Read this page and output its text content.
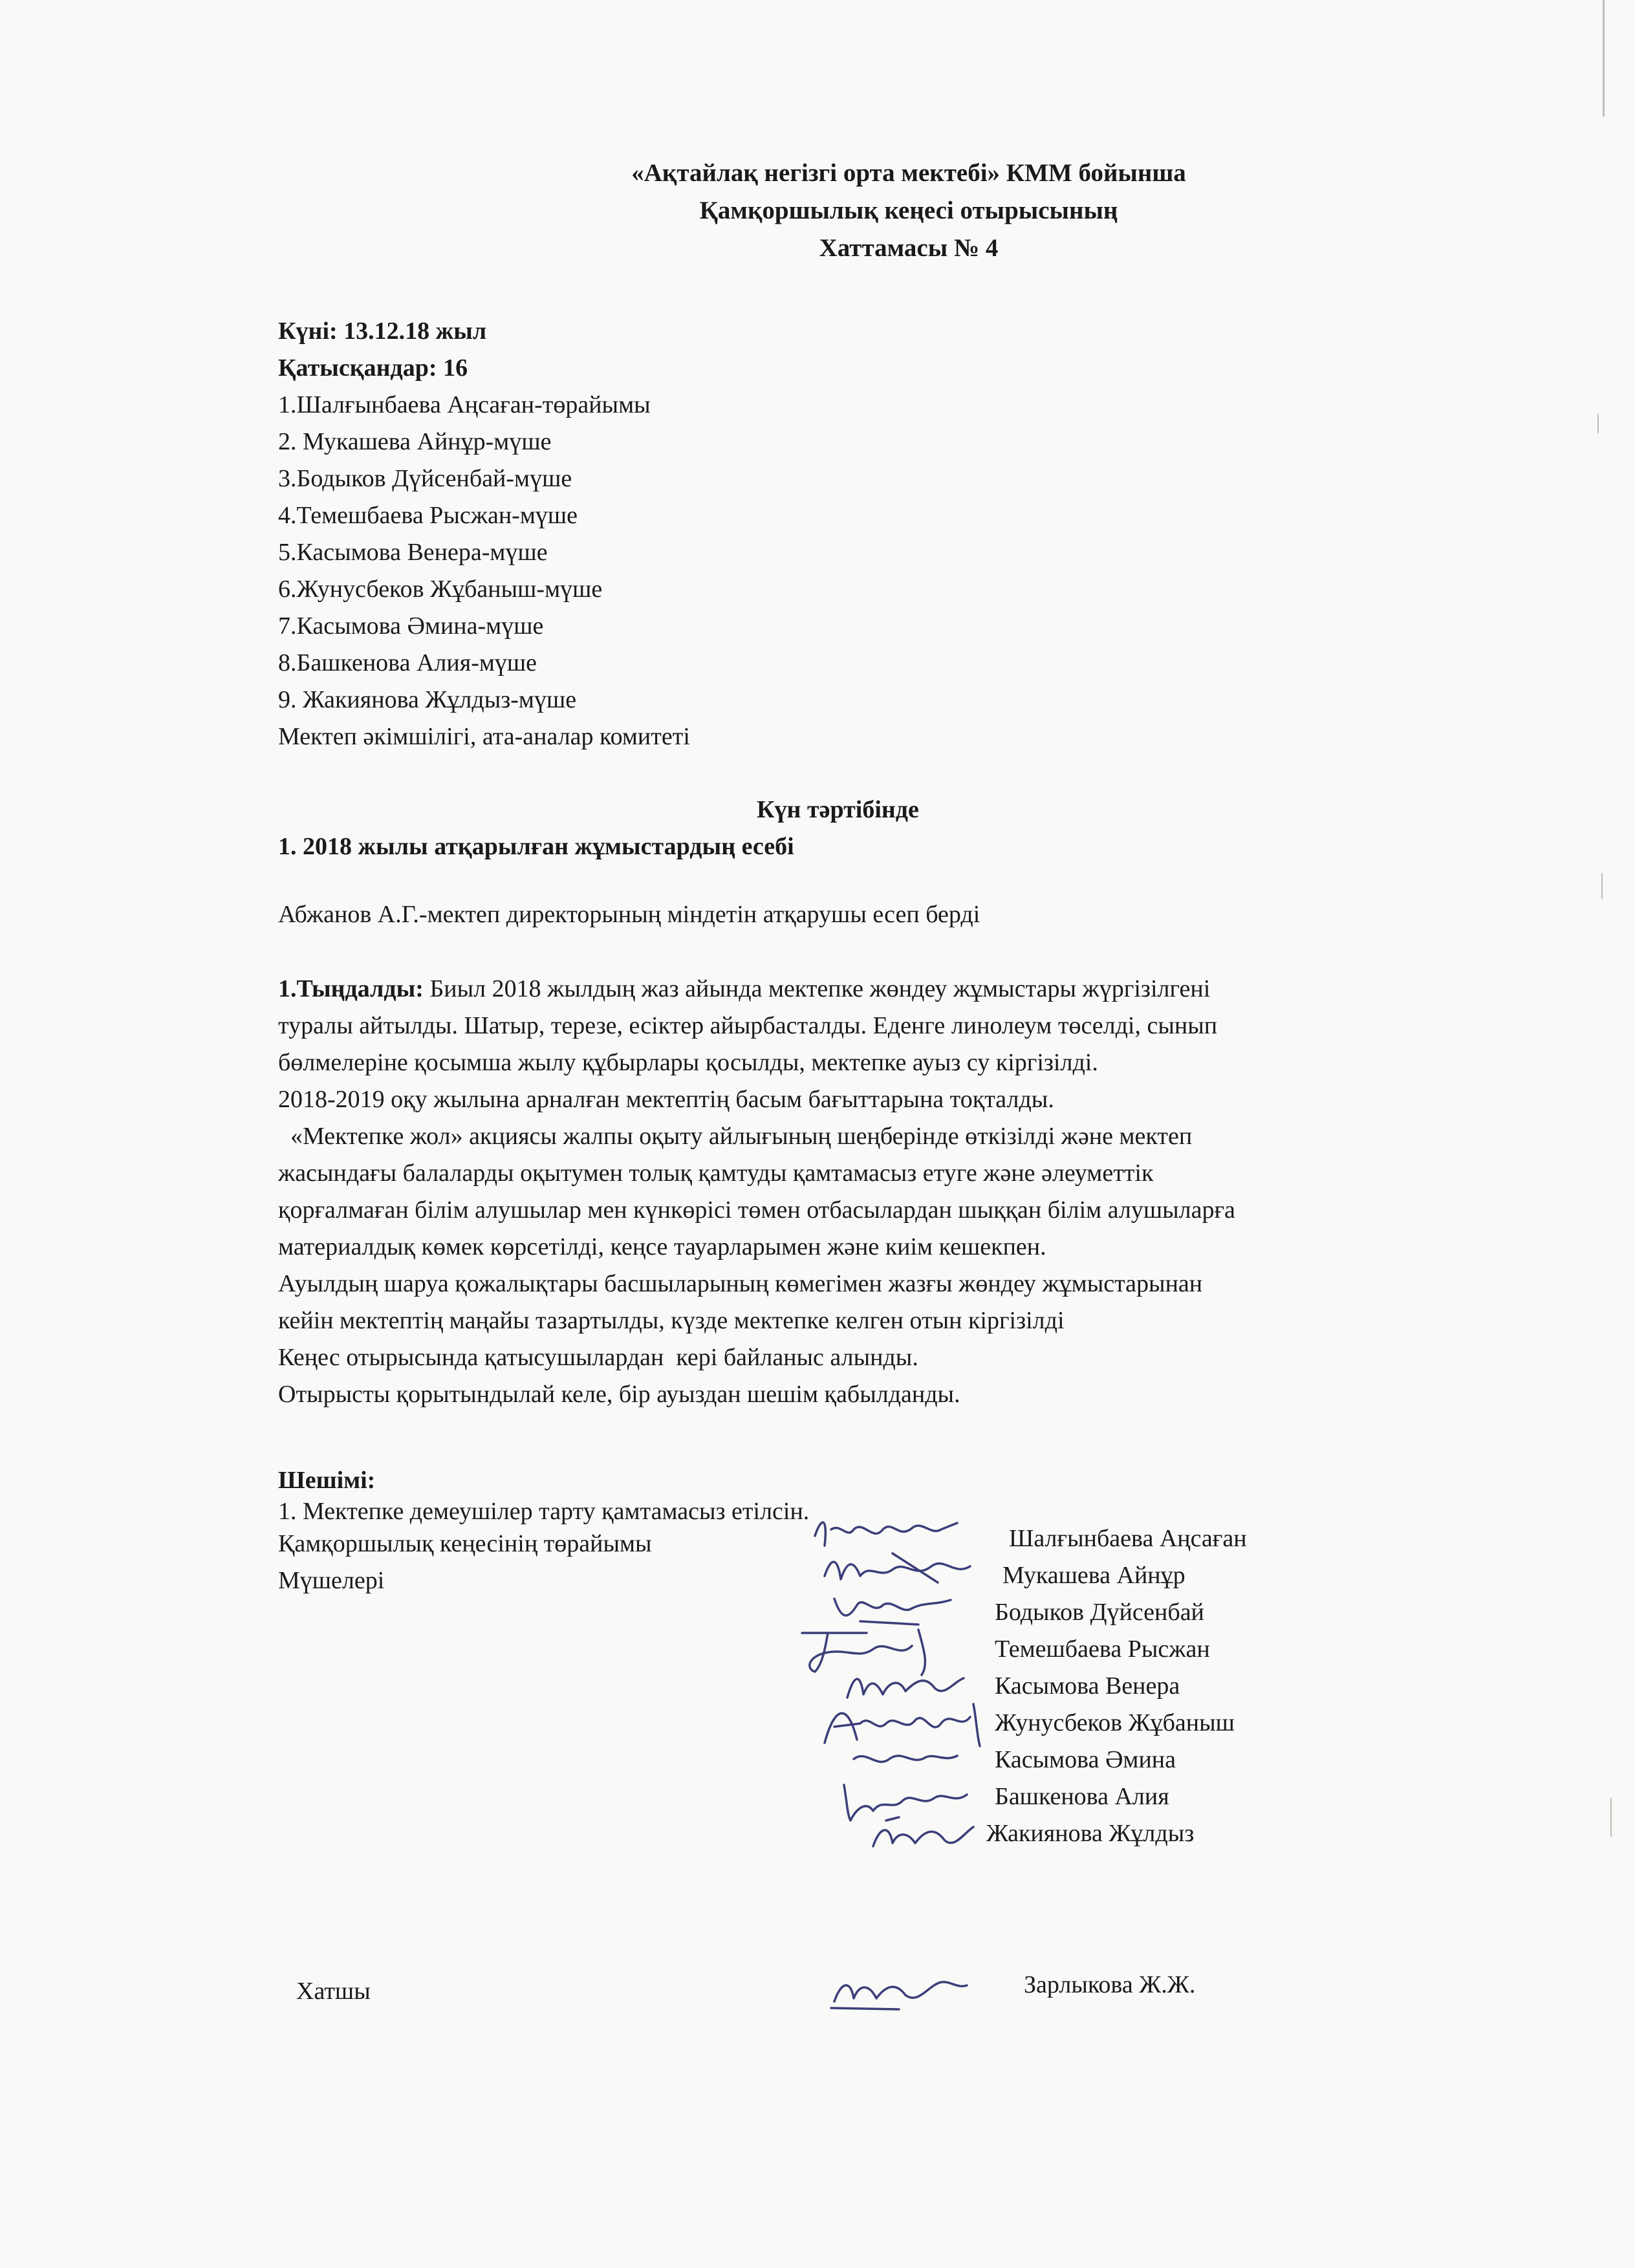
«Ақтайлақ негізгі орта мектебі» КММ бойынша
Қамқоршылық кеңесі отырысының
Хаттамасы № 4
Күні: 13.12.18 жыл
Қатысқандар: 16
1.Шалғынбаева Аңсаған-төрайымы
2. Мукашева Айнұр-мүше
3.Бодыков Дүйсенбай-мүше
4.Темешбаева Рысжан-мүше
5.Касымова Венера-мүше
6.Жунусбеков Жұбаныш-мүше
7.Касымова Әмина-мүше
8.Башкенова Алия-мүше
9. Жакиянова Жұлдыз-мүше
Мектеп әкімшілігі, ата-аналар комитеті
Күн тәртібінде
1. 2018 жылы атқарылған жұмыстардың есебі
Абжанов А.Г.-мектеп директорының міндетін атқарушы есеп берді
1.Тыңдалды: Биыл 2018 жылдың жаз айында мектепке жөндеу жұмыстары жүргізілгені
туралы айтылды. Шатыр, терезе, есіктер айырбасталды. Еденге линолеум төселді, сынып
бөлмелеріне қосымша жылу құбырлары қосылды, мектепке ауыз су кіргізілді.
2018-2019 оқу жылына арналған мектептің басым бағыттарына тоқталды.
«Мектепке жол» акциясы жалпы оқыту айлығының шеңберінде өткізілді және мектеп
жасындағы балаларды оқытумен толық қамтуды қамтамасыз етуге және әлеуметтік
қорғалмаған білім алушылар мен күнкөрісі төмен отбасылардан шыққан білім алушыларға
материалдық көмек көрсетілді, кеңсе тауарларымен және киім кешекпен.
Ауылдың шаруа қожалықтары басшыларының көмегімен жазғы жөндеу жұмыстарынан
кейін мектептің маңайы тазартылды, күзде мектепке келген отын кіргізілді
Кеңес отырысында қатысушылардан  кері байланыс алынды.
Отырысты қорытындылай келе, бір ауыздан шешім қабылданды.
Шешімі:
1. Мектепке демеушілер тарту қамтамасыз етілсін.
Қамқоршылық кеңесінің төрайымы
Мүшелері
Шалғынбаева Аңсаған
Мукашева Айнұр
Бодыков Дүйсенбай
Темешбаева Рысжан
Касымова Венера
Жунусбеков Жұбаныш
Касымова Әмина
Башкенова Алия
Жакиянова Жұлдыз
Хатшы	Зарлыкова Ж.Ж.
